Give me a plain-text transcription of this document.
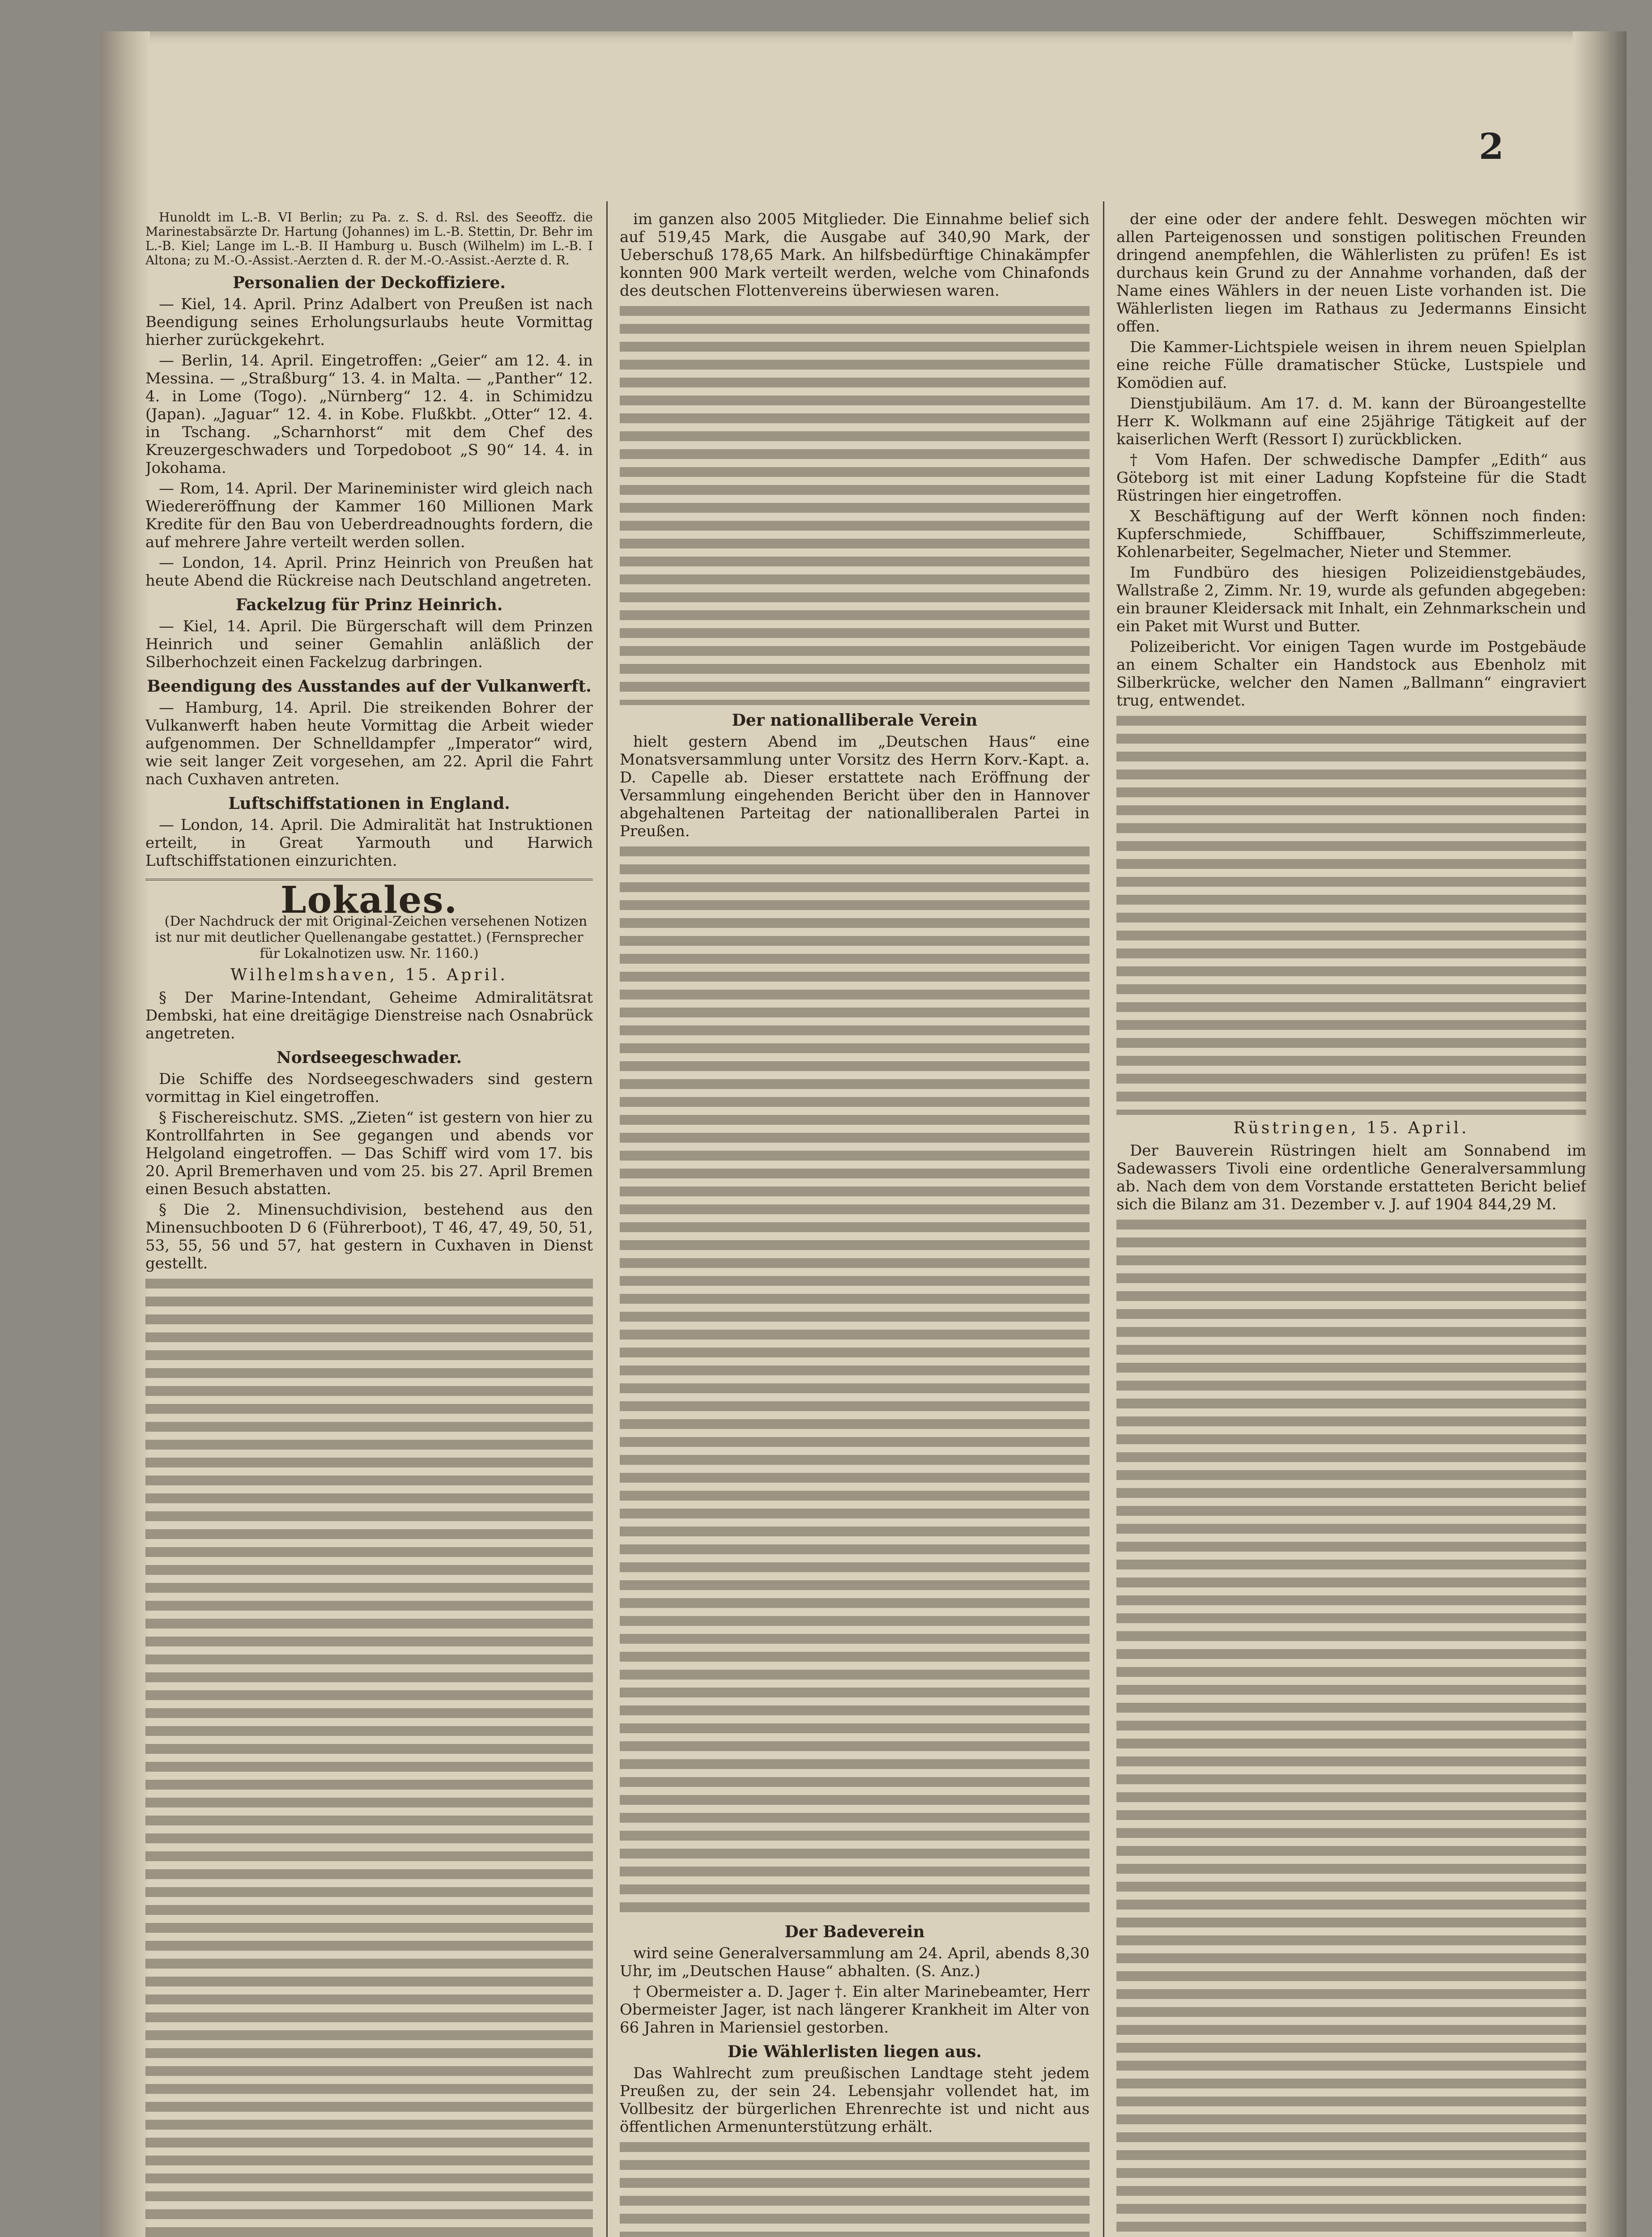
2

Hunoldt im L.-B. VI Berlin; zu Pa. z. S. d. Rsl. des Seeoffz. die Marinestabsärzte Dr. Hartung (Johannes) im L.-B. Stettin, Dr. Behr im L.-B. Kiel; Lange im L.-B. II Hamburg u. Busch (Wilhelm) im L.-B. I Altona; zu M.-O.-Assist.-Aerzten d. R. der M.-O.-Assist.-Aerzte d. R.

Personalien der Deckoffiziere.

— Kiel, 14. April. Prinz Adalbert von Preußen ist nach Beendigung seines Erholungsurlaubs heute Vormittag hierher zurückgekehrt.

— Berlin, 14. April. Eingetroffen: „Geier“ am 12. 4. in Messina. — „Straßburg“ 13. 4. in Malta. — „Panther“ 12. 4. in Lome (Togo). „Nürnberg“ 12. 4. in Schimidzu (Japan). „Jaguar“ 12. 4. in Kobe. Flußkbt. „Otter“ 12. 4. in Tschang. „Scharnhorst“ mit dem Chef des Kreuzergeschwaders und Torpedoboot „S 90“ 14. 4. in Jokohama.

— Rom, 14. April. Der Marineminister wird gleich nach Wiedereröffnung der Kammer 160 Millionen Mark Kredite für den Bau von Ueberdreadnoughts fordern, die auf mehrere Jahre verteilt werden sollen.

— London, 14. April. Prinz Heinrich von Preußen hat heute Abend die Rückreise nach Deutschland angetreten.

Fackelzug für Prinz Heinrich.

— Kiel, 14. April. Die Bürgerschaft will dem Prinzen Heinrich und seiner Gemahlin anläßlich der Silberhochzeit einen Fackelzug darbringen.

Beendigung des Ausstandes auf der Vulkanwerft.

— Hamburg, 14. April. Die streikenden Bohrer der Vulkanwerft haben heute Vormittag die Arbeit wieder aufgenommen. Der Schnelldampfer „Imperator“ wird, wie seit langer Zeit vorgesehen, am 22. April die Fahrt nach Cuxhaven antreten.

Luftschiffstationen in England.

— London, 14. April. Die Admiralität hat Instruktionen erteilt, in Great Yarmouth und Harwich Luftschiffstationen einzurichten.

Lokales.

(Der Nachdruck der mit Original-Zeichen versehenen Notizen ist nur mit deutlicher Quellenangabe gestattet.) (Fernsprecher für Lokalnotizen usw. Nr. 1160.)

Wilhelmshaven, 15. April.

§ Der Marine-Intendant, Geheime Admiralitätsrat Dembski, hat eine dreitägige Dienstreise nach Osnabrück angetreten.

Nordseegeschwader.

Die Schiffe des Nordseegeschwaders sind gestern vormittag in Kiel eingetroffen.

§ Fischereischutz. SMS. „Zieten“ ist gestern von hier zu Kontrollfahrten in See gegangen und abends vor Helgoland eingetroffen. — Das Schiff wird vom 17. bis 20. April Bremerhaven und vom 25. bis 27. April Bremen einen Besuch abstatten.

§ Die 2. Minensuchdivision, bestehend aus den Minensuchbooten D 6 (Führerboot), T 46, 47, 49, 50, 51, 53, 55, 56 und 57, hat gestern in Cuxhaven in Dienst gestellt.

im ganzen also 2005 Mitglieder. Die Einnahme belief sich auf 519,45 Mark, die Ausgabe auf 340,90 Mark, der Ueberschuß 178,65 Mark. An hilfsbedürftige Chinakämpfer konnten 900 Mark verteilt werden, welche vom Chinafonds des deutschen Flottenvereins überwiesen waren.

Der nationalliberale Verein

hielt gestern Abend im „Deutschen Haus“ eine Monatsversammlung unter Vorsitz des Herrn Korv.-Kapt. a. D. Capelle ab. Dieser erstattete nach Eröffnung der Versammlung eingehenden Bericht über den in Hannover abgehaltenen Parteitag der nationalliberalen Partei in Preußen.

Der Badeverein

wird seine Generalversammlung am 24. April, abends 8,30 Uhr, im „Deutschen Hause“ abhalten. (S. Anz.)

† Obermeister a. D. Jager †. Ein alter Marinebeamter, Herr Obermeister Jager, ist nach längerer Krankheit im Alter von 66 Jahren in Mariensiel gestorben.

Die Wählerlisten liegen aus.

Das Wahlrecht zum preußischen Landtage steht jedem Preußen zu, der sein 24. Lebensjahr vollendet hat, im Vollbesitz der bürgerlichen Ehrenrechte ist und nicht aus öffentlichen Armenunterstützung erhält.

der eine oder der andere fehlt. Deswegen möchten wir allen Parteigenossen und sonstigen politischen Freunden dringend anempfehlen, die Wählerlisten zu prüfen! Es ist durchaus kein Grund zu der Annahme vorhanden, daß der Name eines Wählers in der neuen Liste vorhanden ist. Die Wählerlisten liegen im Rathaus zu Jedermanns Einsicht offen.

Die Kammer-Lichtspiele weisen in ihrem neuen Spielplan eine reiche Fülle dramatischer Stücke, Lustspiele und Komödien auf.

Dienstjubiläum. Am 17. d. M. kann der Büroangestellte Herr K. Wolkmann auf eine 25jährige Tätigkeit auf der kaiserlichen Werft (Ressort I) zurückblicken.

† Vom Hafen. Der schwedische Dampfer „Edith“ aus Göteborg ist mit einer Ladung Kopfsteine für die Stadt Rüstringen hier eingetroffen.

X Beschäftigung auf der Werft können noch finden: Kupferschmiede, Schiffbauer, Schiffszimmerleute, Kohlenarbeiter, Segelmacher, Nieter und Stemmer.

Im Fundbüro des hiesigen Polizeidienstgebäudes, Wallstraße 2, Zimm. Nr. 19, wurde als gefunden abgegeben: ein brauner Kleidersack mit Inhalt, ein Zehnmarkschein und ein Paket mit Wurst und Butter.

Polizeibericht. Vor einigen Tagen wurde im Postgebäude an einem Schalter ein Handstock aus Ebenholz mit Silberkrücke, welcher den Namen „Ballmann“ eingraviert trug, entwendet.

Rüstringen, 15. April.

Der Bauverein Rüstringen hielt am Sonnabend im Sadewassers Tivoli eine ordentliche Generalversammlung ab. Nach dem von dem Vorstande erstatteten Bericht belief sich die Bilanz am 31. Dezember v. J. auf 1904 844,29 M.
